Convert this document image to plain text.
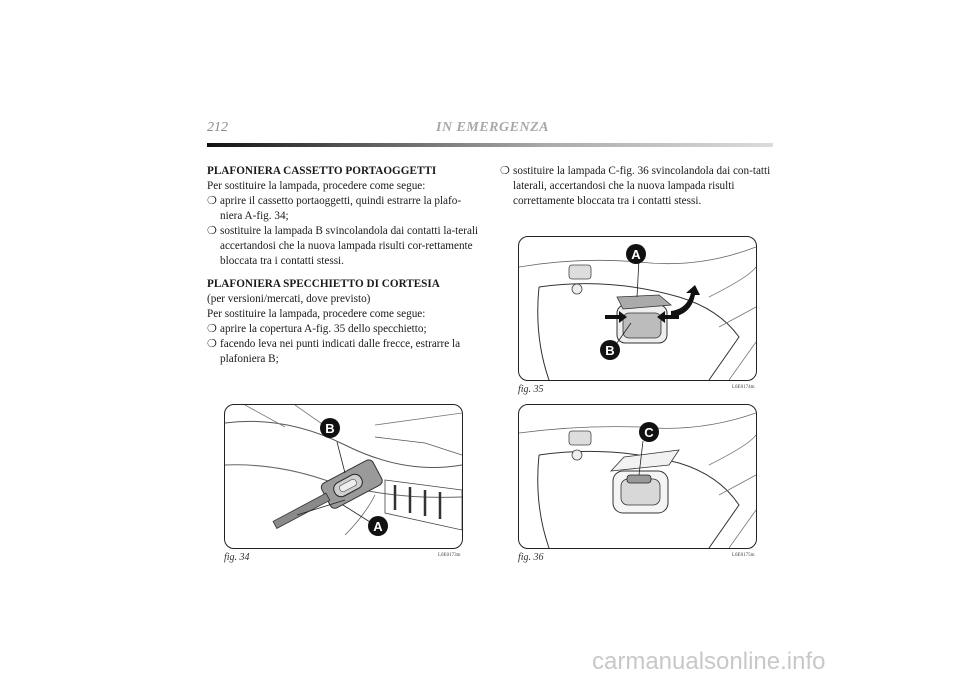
212	IN EMERGENZA

PLAFONIERA CASSETTO PORTAOGGETTI

Per sostituire la lampada, procedere come segue:

❍ aprire il cassetto portaoggetti, quindi estrarre la plafo-niera A-fig. 34;
❍ sostituire la lampada B svincolandola dai contatti la-terali accertandosi che la nuova lampada risulti cor-rettamente bloccata tra i contatti stessi.

PLAFONIERA SPECCHIETTO DI CORTESIA

(per versioni/mercati, dove previsto)

Per sostituire la lampada, procedere come segue:

❍ aprire la copertura A-fig. 35 dello specchietto;
❍ facendo leva nei punti indicati dalle frecce, estrarre la plafoniera B;
❍ sostituire la lampada C-fig. 36 svincolandola dai con-tatti laterali, accertandosi che la nuova lampada risulti correttamente bloccata tra i contatti stessi.
B
A
fig. 34	L0E0173m
A
B
fig. 35	L0E0174m
C
fig. 36	L0E0175m
carmanualsonline.info
